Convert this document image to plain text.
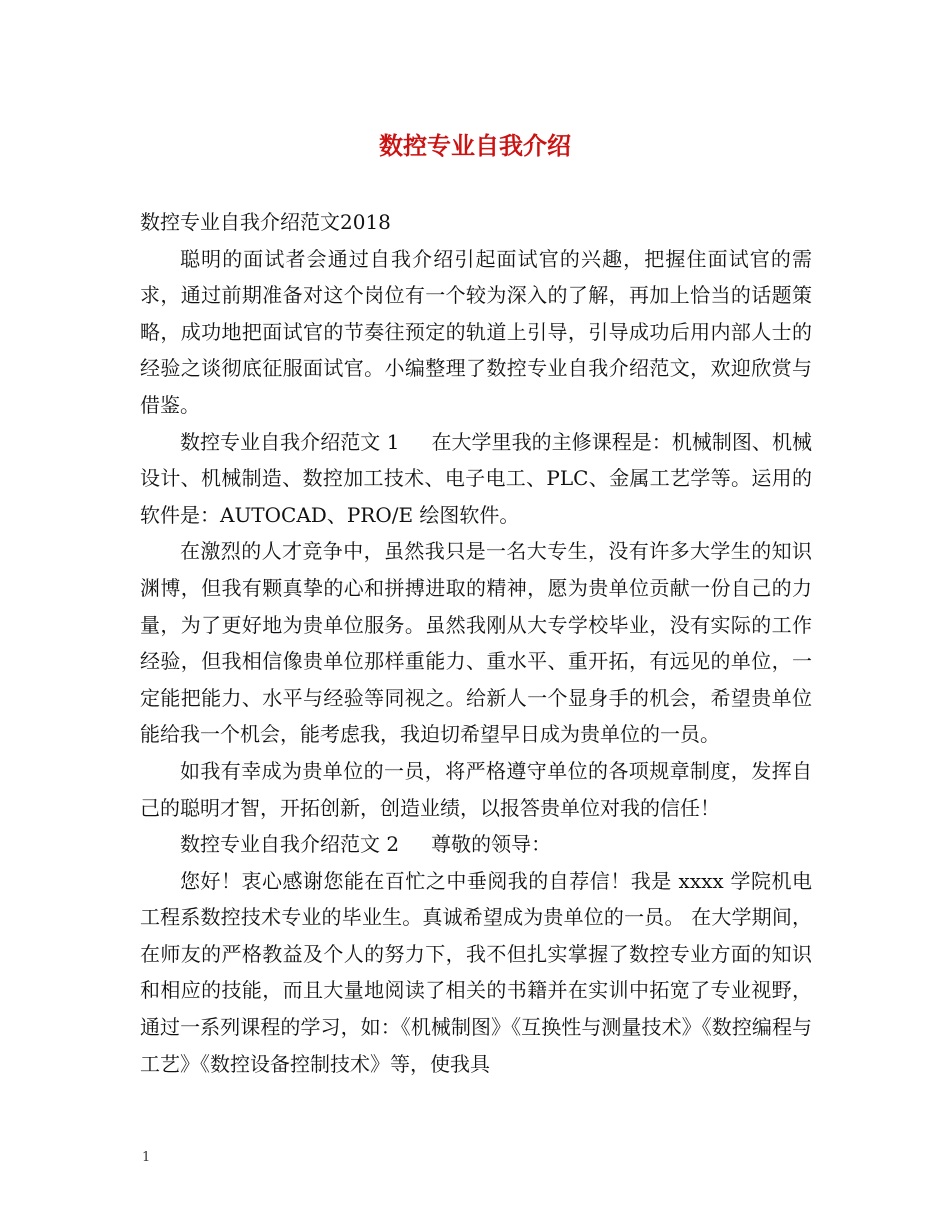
数控专业自我介绍

数控专业自我介绍范文2018

聪明的面试者会通过自我介绍引起面试官的兴趣，把握住面试官的需求，通过前期准备对这个岗位有一个较为深入的了解，再加上恰当的话题策略，成功地把面试官的节奏往预定的轨道上引导，引导成功后用内部人士的经验之谈彻底征服面试官。小编整理了数控专业自我介绍范文，欢迎欣赏与借鉴。

数控专业自我介绍范文 1 在大学里我的主修课程是：机械制图、机械设计、机械制造、数控加工技术、电子电工、PLC、金属工艺学等。运用的软件是：AUTOCAD、PRO/E 绘图软件。

在激烈的人才竞争中，虽然我只是一名大专生，没有许多大学生的知识渊博，但我有颗真挚的心和拼搏进取的精神，愿为贵单位贡献一份自己的力量，为了更好地为贵单位服务。虽然我刚从大专学校毕业，没有实际的工作经验，但我相信像贵单位那样重能力、重水平、重开拓，有远见的单位，一定能把能力、水平与经验等同视之。给新人一个显身手的机会，希望贵单位能给我一个机会，能考虑我，我迫切希望早日成为贵单位的一员。

如我有幸成为贵单位的一员，将严格遵守单位的各项规章制度，发挥自己的聪明才智，开拓创新，创造业绩，以报答贵单位对我的信任！

数控专业自我介绍范文 2 尊敬的领导：

您好！衷心感谢您能在百忙之中垂阅我的自荐信！我是 xxxx 学院机电工程系数控技术专业的毕业生。真诚希望成为贵单位的一员。 在大学期间，在师友的严格教益及个人的努力下，我不但扎实掌握了数控专业方面的知识和相应的技能，而且大量地阅读了相关的书籍并在实训中拓宽了专业视野，通过一系列课程的学习，如：《机械制图》《互换性与测量技术》《数控编程与工艺》《数控设备控制技术》等，使我具

1
